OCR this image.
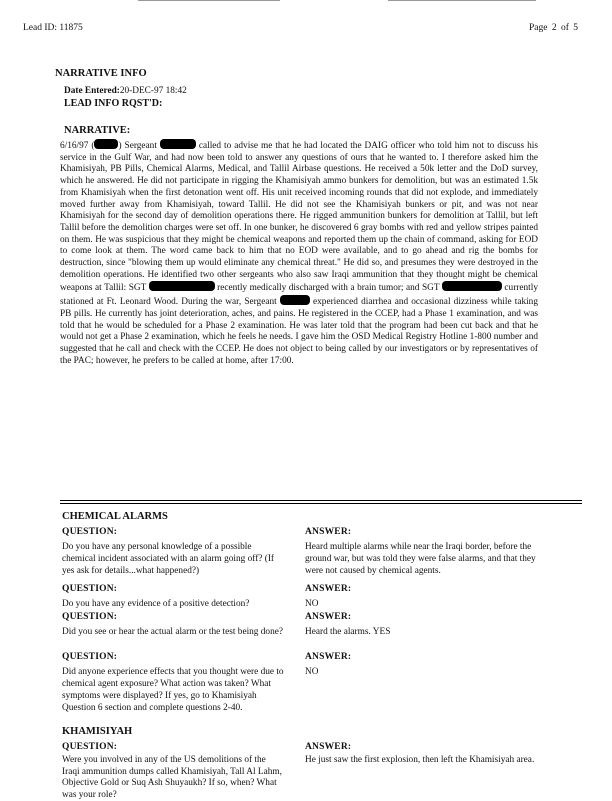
Lead ID: 11875	Page 2 of 5
NARRATIVE INFO
Date Entered:20-DEC-97 18:42
LEAD INFO RQST'D:
NARRATIVE:

6/16/97 (	) Sergeant	called to advise me that he had located the DAIG officer who told him not to discuss his service in the Gulf War, and had now been told to answer any questions of ours that he wanted to. I therefore asked him the Khamisiyah, PB Pills, Chemical Alarms, Medical, and Tallil Airbase questions. He received a 50k letter and the DoD survey, which he answered. He did not participate in rigging the Khamisiyah ammo bunkers for demolition, but was an estimated 1.5k from Khamisiyah when the first detonation went off. His unit received incoming rounds that did not explode, and immediately moved further away from Khamisiyah, toward Tallil. He did not see the Khamisiyah bunkers or pit, and was not near Khamisiyah for the second day of demolition operations there. He rigged ammunition bunkers for demolition at Tallil, but left Tallil before the demolition charges were set off. In one bunker, he discovered 6 gray bombs with red and yellow stripes painted on them. He was suspicious that they might be chemical weapons and reported them up the chain of command, asking for EOD to come look at them. The word came back to him that no EOD were available, and to go ahead and rig the bombs for destruction, since "blowing them up would eliminate any chemical threat." He did so, and presumes they were destroyed in the demolition operations. He identified two other sergeants who also saw Iraqi ammunition that they thought might be chemical weapons at Tallil: SGT	recently medically discharged with a brain tumor; and SGT	currently stationed at Ft. Leonard Wood. During the war, Sergeant	experienced diarrhea and occasional dizziness while taking PB pills. He currently has joint deterioration, aches, and pains. He registered in the CCEP, had a Phase 1 examination, and was told that he would be scheduled for a Phase 2 examination. He was later told that the program had been cut back and that he would not get a Phase 2 examination, which he feels he needs. I gave him the OSD Medical Registry Hotline 1-800 number and suggested that he call and check with the CCEP. He does not object to being called by our investigators or by representatives of the PAC; however, he prefers to be called at home, after 17:00.

CHEMICAL ALARMS
QUESTION:
Do you have any personal knowledge of a possible chemical incident associated with an alarm going off? (If yes ask for details...what happened?)
ANSWER:
Heard multiple alarms while near the Iraqi border, before the ground war, but was told they were false alarms, and that they were not caused by chemical agents.
QUESTION:
Do you have any evidence of a positive detection?
ANSWER:
NO
QUESTION:
Did you see or hear the actual alarm or the test being done?
ANSWER:
Heard the alarms. YES
QUESTION:
Did anyone experience effects that you thought were due to chemical agent exposure? What action was taken? What symptoms were displayed? If yes, go to Khamisiyah Question 6 section and complete questions 2-40.
ANSWER:
NO
KHAMISIYAH
QUESTION:
Were you involved in any of the US demolitions of the Iraqi ammunition dumps called Khamisiyah, Tall Al Lahm, Objective Gold or Suq Ash Shuyaukh? If so, when? What was your role?
ANSWER:
He just saw the first explosion, then left the Khamisiyah area.
